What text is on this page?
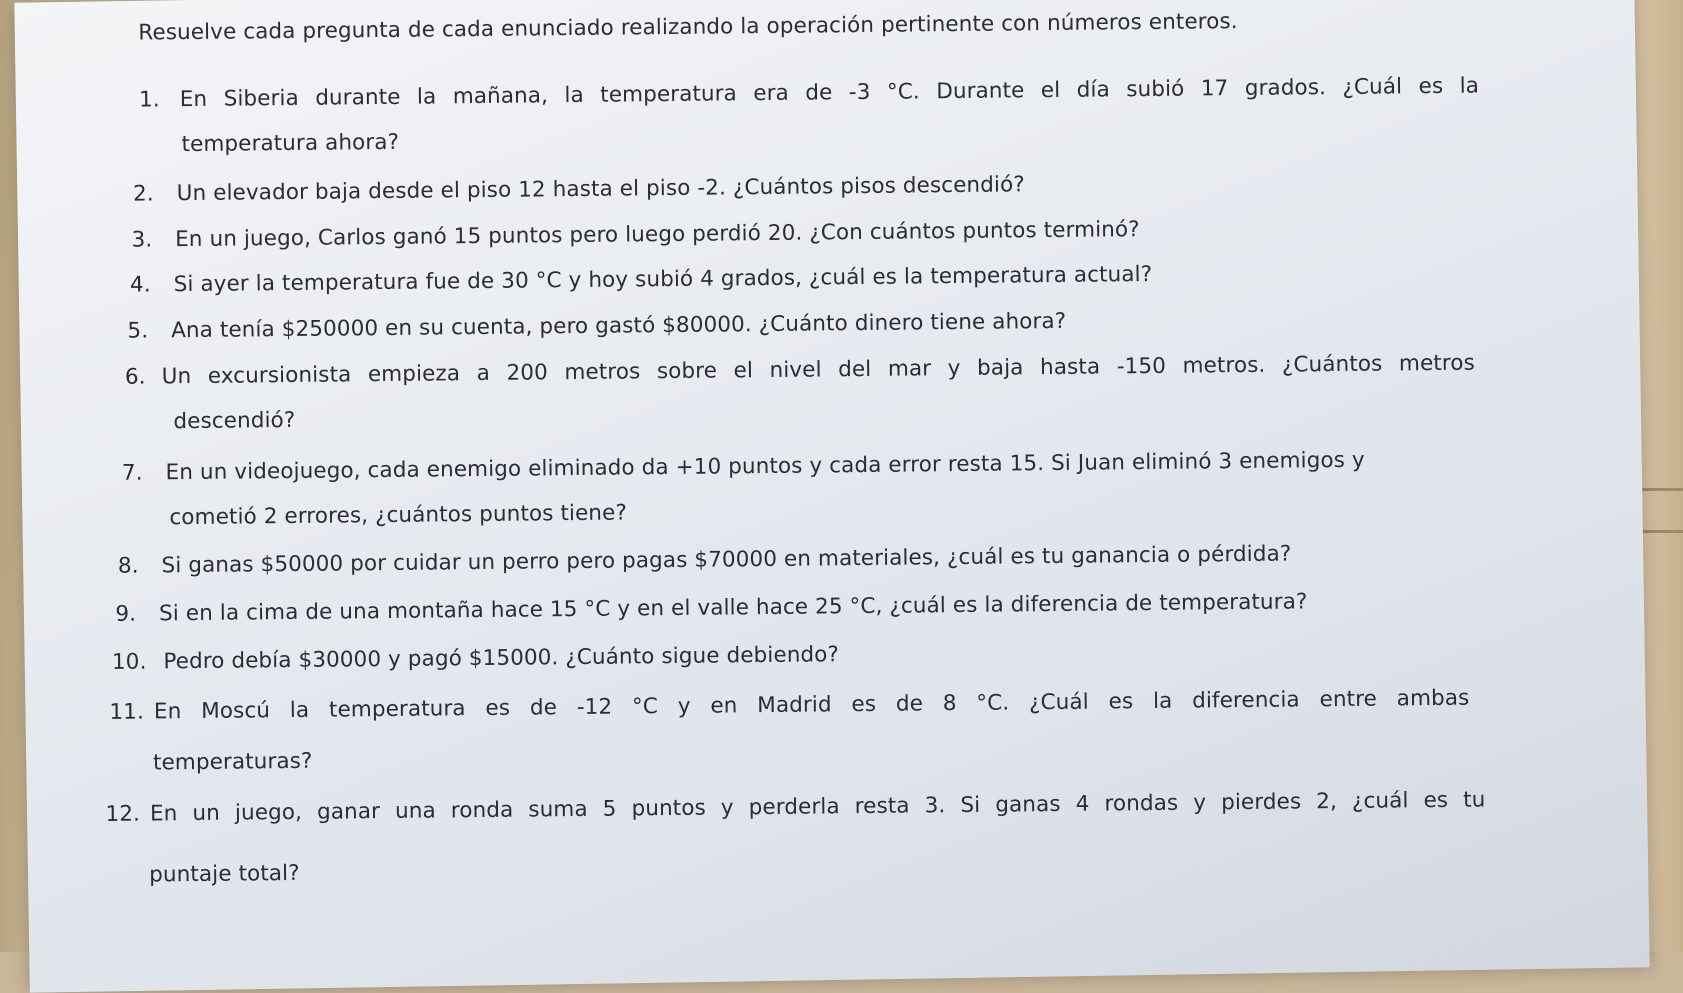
Resuelve cada pregunta de cada enunciado realizando la operación pertinente con números enteros.
1. En Siberia durante la mañana, la temperatura era de -3 °C. Durante el día subió 17 grados. ¿Cuál es la
temperatura ahora?
2. Un elevador baja desde el piso 12 hasta el piso -2. ¿Cuántos pisos descendió?
3. En un juego, Carlos ganó 15 puntos pero luego perdió 20. ¿Con cuántos puntos terminó?
4. Si ayer la temperatura fue de 30 °C y hoy subió 4 grados, ¿cuál es la temperatura actual?
5. Ana tenía $250000 en su cuenta, pero gastó $80000. ¿Cuánto dinero tiene ahora?
6. Un excursionista empieza a 200 metros sobre el nivel del mar y baja hasta -150 metros. ¿Cuántos metros
descendió?
7. En un videojuego, cada enemigo eliminado da +10 puntos y cada error resta 15. Si Juan eliminó 3 enemigos y
cometió 2 errores, ¿cuántos puntos tiene?
8. Si ganas $50000 por cuidar un perro pero pagas $70000 en materiales, ¿cuál es tu ganancia o pérdida?
9. Si en la cima de una montaña hace 15 °C y en el valle hace 25 °C, ¿cuál es la diferencia de temperatura?
10. Pedro debía $30000 y pagó $15000. ¿Cuánto sigue debiendo?
11. En Moscú la temperatura es de -12 °C y en Madrid es de 8 °C. ¿Cuál es la diferencia entre ambas
temperaturas?
12. En un juego, ganar una ronda suma 5 puntos y perderla resta 3. Si ganas 4 rondas y pierdes 2, ¿cuál es tu
puntaje total?
